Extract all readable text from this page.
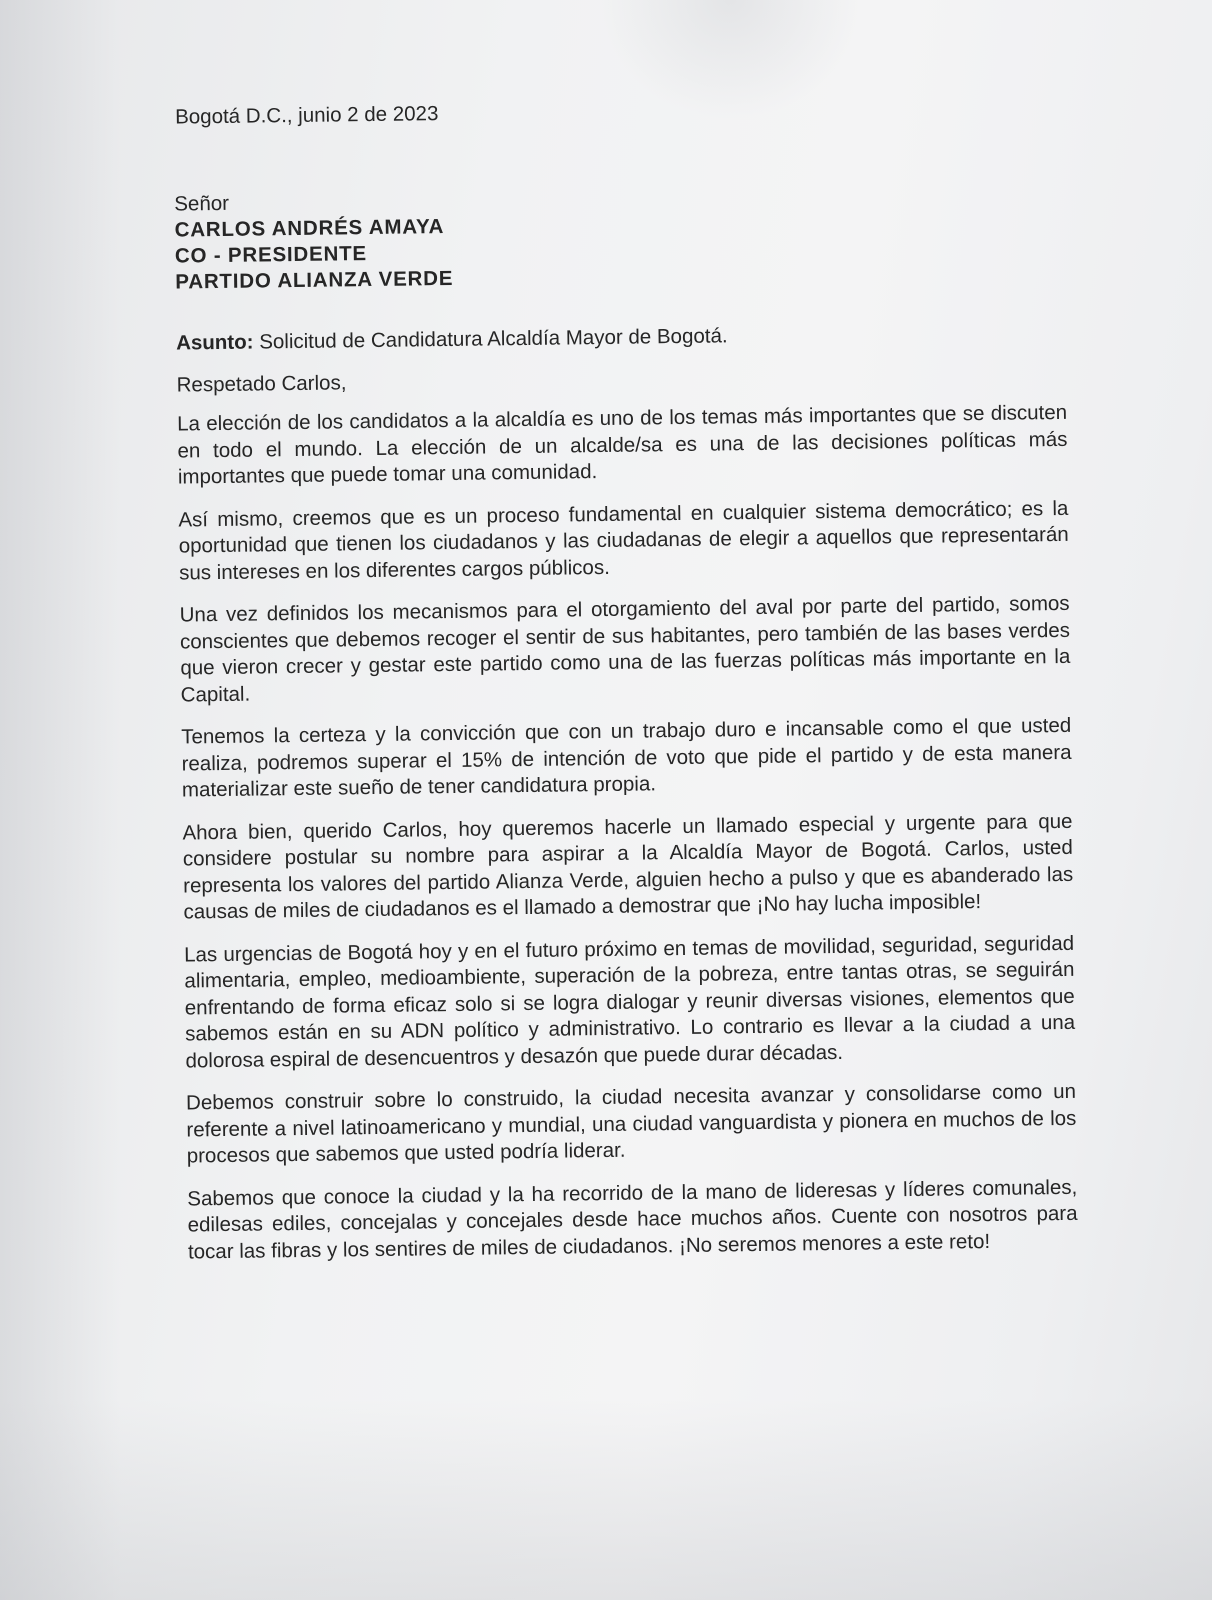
Bogotá D.C., junio 2 de 2023
Señor
CARLOS ANDRÉS AMAYA
CO - PRESIDENTE
PARTIDO ALIANZA VERDE
Asunto: Solicitud de Candidatura Alcaldía Mayor de Bogotá.
Respetado Carlos,

La elección de los candidatos a la alcaldía es uno de los temas más importantes que se discuten en todo el mundo. La elección de un alcalde/sa es una de las decisiones políticas más importantes que puede tomar una comunidad.

Así mismo, creemos que es un proceso fundamental en cualquier sistema democrático; es la oportunidad que tienen los ciudadanos y las ciudadanas de elegir a aquellos que representarán sus intereses en los diferentes cargos públicos.

Una vez definidos los mecanismos para el otorgamiento del aval por parte del partido, somos conscientes que debemos recoger el sentir de sus habitantes, pero también de las bases verdes que vieron crecer y gestar este partido como una de las fuerzas políticas más importante en la Capital.

Tenemos la certeza y la convicción que con un trabajo duro e incansable como el que usted realiza, podremos superar el 15% de intención de voto que pide el partido y de esta manera materializar este sueño de tener candidatura propia.

Ahora bien, querido Carlos, hoy queremos hacerle un llamado especial y urgente para que considere postular su nombre para aspirar a la Alcaldía Mayor de Bogotá. Carlos, usted representa los valores del partido Alianza Verde, alguien hecho a pulso y que es abanderado las causas de miles de ciudadanos es el llamado a demostrar que ¡No hay lucha imposible!

Las urgencias de Bogotá hoy y en el futuro próximo en temas de movilidad, seguridad, seguridad alimentaria, empleo, medioambiente, superación de la pobreza, entre tantas otras, se seguirán enfrentando de forma eficaz solo si se logra dialogar y reunir diversas visiones, elementos que sabemos están en su ADN político y administrativo. Lo contrario es llevar a la ciudad a una dolorosa espiral de desencuentros y desazón que puede durar décadas.

Debemos construir sobre lo construido, la ciudad necesita avanzar y consolidarse como un referente a nivel latinoamericano y mundial, una ciudad vanguardista y pionera en muchos de los procesos que sabemos que usted podría liderar.

Sabemos que conoce la ciudad y la ha recorrido de la mano de lideresas y líderes comunales, edilesas ediles, concejalas y concejales desde hace muchos años. Cuente con nosotros para tocar las fibras y los sentires de miles de ciudadanos. ¡No seremos menores a este reto!
